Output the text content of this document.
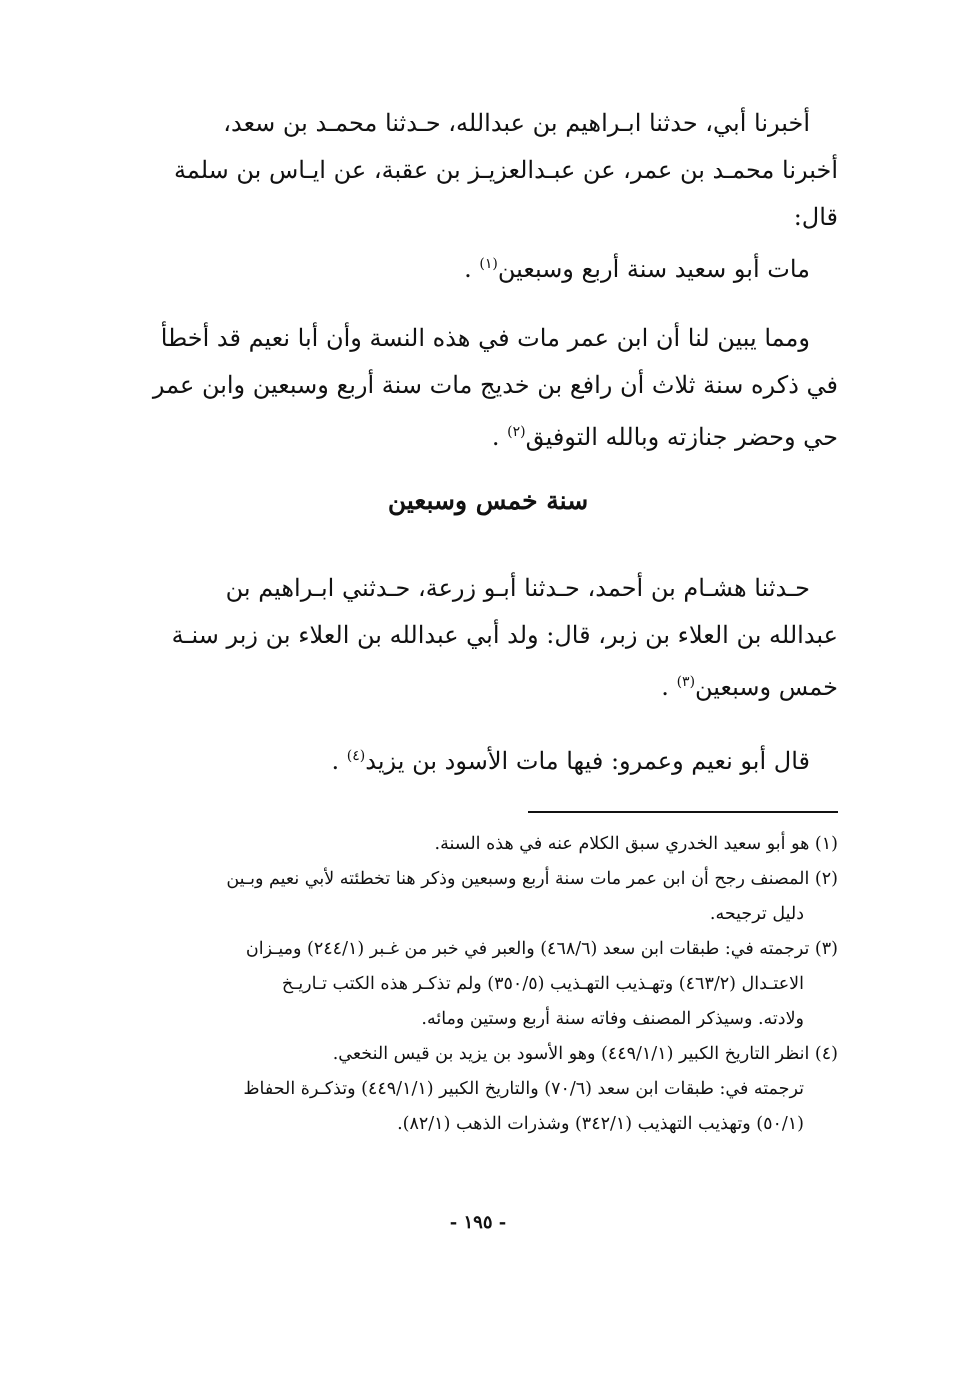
أخبرنا أبي، حدثنا ابـراهيم بن عبدالله، حـدثنا محمـد بن سعد،

أخبرنا محمـد بن عمر، عن عبـدالعزيـز بن عقبة، عن ايـاس بن سلمة

قال:

مات أبو سعيد سنة أربع وسبعين$^{(١)}$ .

ومما يبين لنا أن ابن عمر مات في هذه النسة وأن أبا نعيم قد أخطأ

في ذكره سنة ثلاث أن رافع بن خديج مات سنة أربع وسبعين وابن عمر

حي وحضر جنازته وبالله التوفيق$^{(٢)}$ .

سنة خمس وسبعين

حـدثنا هشـام بن أحمد، حـدثنا أبـو زرعة، حـدثني ابـراهيم بن

عبدالله بن العلاء بن زبر، قال: ولد أبي عبدالله بن العلاء بن زبر سنـة

خمس وسبعين$^{(٣)}$ .

قال أبو نعيم وعمرو: فيها مات الأسود بن يزيد$^{(٤)}$ .

(١) هو أبو سعيد الخدري سبق الكلام عنه في هذه السنة.

(٢) المصنف رجح أن ابن عمر مات سنة أربع وسبعين وذكر هنا تخطئته لأبي نعيم وبـين

دليل ترجيحه.

(٣) ترجمته في: طبقات ابن سعد (٤٦٨/٦) والعبر في خبر من غـبر (٢٤٤/١) وميـزان

الاعتـدال (٤٦٣/٢) وتهـذيب التهـذيب (٣٥٠/٥) ولم تذكـر هذه الكتب تـاريـخ

ولادته. وسيذكر المصنف وفاته سنة أربع وستين ومائه.

(٤) انظر التاريخ الكبير (٤٤٩/١/١) وهو الأسود بن يزيد بن قيس النخعي.

ترجمته في: طبقات ابن سعد (٧٠/٦) والتاريخ الكبير (٤٤٩/١/١) وتذكـرة الحفاظ

(٥٠/١) وتهذيب التهذيب (٣٤٢/١) وشذرات الذهب (٨٢/١).

- ١٩٥ -
